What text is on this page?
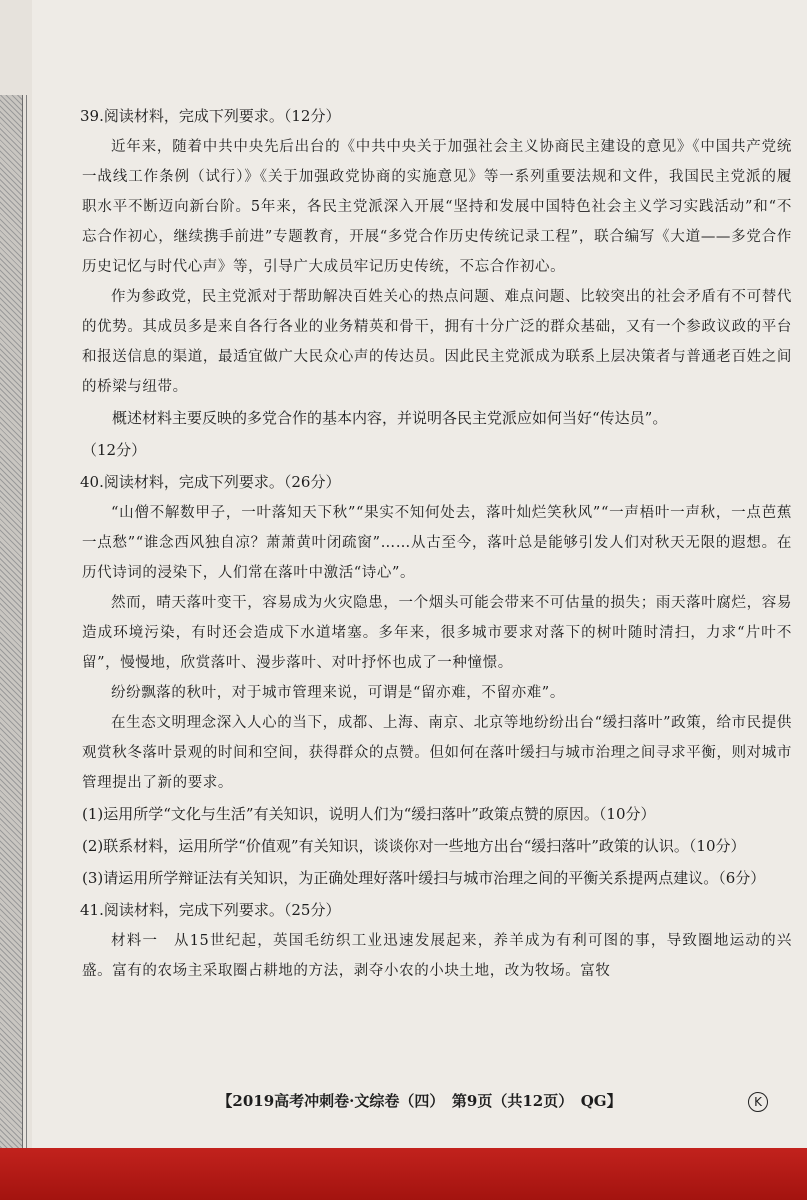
39.阅读材料，完成下列要求。（12分）

近年来，随着中共中央先后出台的《中共中央关于加强社会主义协商民主建设的意见》《中国共产党统一战线工作条例（试行）》《关于加强政党协商的实施意见》等一系列重要法规和文件，我国民主党派的履职水平不断迈向新台阶。5年来，各民主党派深入开展“坚持和发展中国特色社会主义学习实践活动”和“不忘合作初心，继续携手前进”专题教育，开展“多党合作历史传统记录工程”，联合编写《大道——多党合作历史记忆与时代心声》等，引导广大成员牢记历史传统，不忘合作初心。

作为参政党，民主党派对于帮助解决百姓关心的热点问题、难点问题、比较突出的社会矛盾有不可替代的优势。其成员多是来自各行各业的业务精英和骨干，拥有十分广泛的群众基础，又有一个参政议政的平台和报送信息的渠道，最适宜做广大民众心声的传达员。因此民主党派成为联系上层决策者与普通老百姓之间的桥梁与纽带。

概述材料主要反映的多党合作的基本内容，并说明各民主党派应如何当好“传达员”。

（12分）

40.阅读材料，完成下列要求。（26分）

“山僧不解数甲子，一叶落知天下秋”“果实不知何处去，落叶灿烂笑秋风”“一声梧叶一声秋，一点芭蕉一点愁”“谁念西风独自凉？萧萧黄叶闭疏窗”……从古至今，落叶总是能够引发人们对秋天无限的遐想。在历代诗词的浸染下，人们常在落叶中激活“诗心”。

然而，晴天落叶变干，容易成为火灾隐患，一个烟头可能会带来不可估量的损失；雨天落叶腐烂，容易造成环境污染，有时还会造成下水道堵塞。多年来，很多城市要求对落下的树叶随时清扫，力求“片叶不留”，慢慢地，欣赏落叶、漫步落叶、对叶抒怀也成了一种憧憬。

纷纷飘落的秋叶，对于城市管理来说，可谓是“留亦难，不留亦难”。

在生态文明理念深入人心的当下，成都、上海、南京、北京等地纷纷出台“缓扫落叶”政策，给市民提供观赏秋冬落叶景观的时间和空间，获得群众的点赞。但如何在落叶缓扫与城市治理之间寻求平衡，则对城市管理提出了新的要求。

(1)运用所学“文化与生活”有关知识，说明人们为“缓扫落叶”政策点赞的原因。（10分）

(2)联系材料，运用所学“价值观”有关知识，谈谈你对一些地方出台“缓扫落叶”政策的认识。（10分）

(3)请运用所学辩证法有关知识，为正确处理好落叶缓扫与城市治理之间的平衡关系提两点建议。（6分）

41.阅读材料，完成下列要求。（25分）

材料一　从15世纪起，英国毛纺织工业迅速发展起来，养羊成为有利可图的事，导致圈地运动的兴盛。富有的农场主采取圈占耕地的方法，剥夺小农的小块土地，改为牧场。富牧

【2019高考冲刺卷·文综卷（四）　第9页（共12页）　QG】	K
